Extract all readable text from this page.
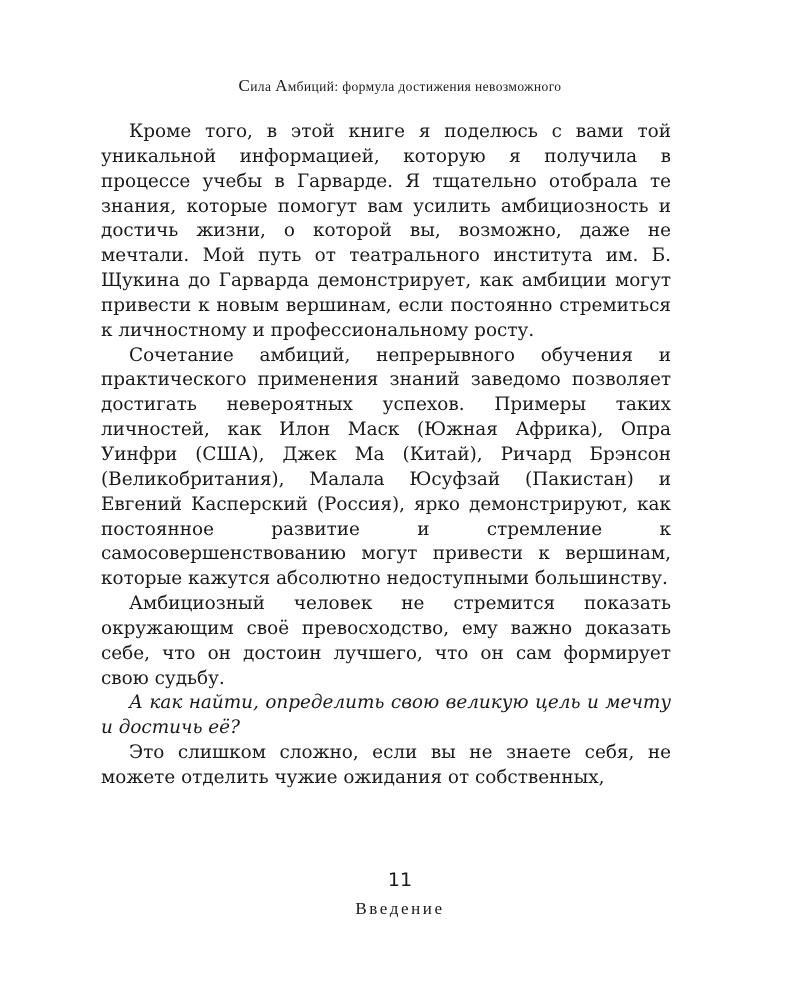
Сила Амбиций: формула достижения невозможного

Кроме того, в этой книге я поделюсь с вами той уникальной информацией, которую я получила в процессе учебы в Гарварде. Я тщательно отобрала те знания, которые помогут вам усилить амбициозность и достичь жизни, о которой вы, возможно, даже не мечтали. Мой путь от театрального института им. Б. Щукина до Гарварда демонстрирует, как амбиции могут привести к новым вершинам, если постоянно стремиться к личностному и профессиональному росту.

Сочетание амбиций, непрерывного обучения и практического применения знаний заведомо позволяет достигать невероятных успехов. Примеры таких личностей, как Илон Маск (Южная Африка), Опра Уинфри (США), Джек Ма (Китай), Ричард Брэнсон (Великобритания), Малала Юсуфзай (Пакистан) и Евгений Касперский (Россия), ярко демонстрируют, как постоянное развитие и стремление к самосовершенствованию могут привести к вершинам, которые кажутся абсолютно недоступными большинству.

Амбициозный человек не стремится показать окружающим своё превосходство, ему важно доказать себе, что он достоин лучшего, что он сам формирует свою судьбу.

А как найти, определить свою великую цель и мечту и достичь её?

Это слишком сложно, если вы не знаете себя, не можете отделить чужие ожидания от собственных,

11
Введение
